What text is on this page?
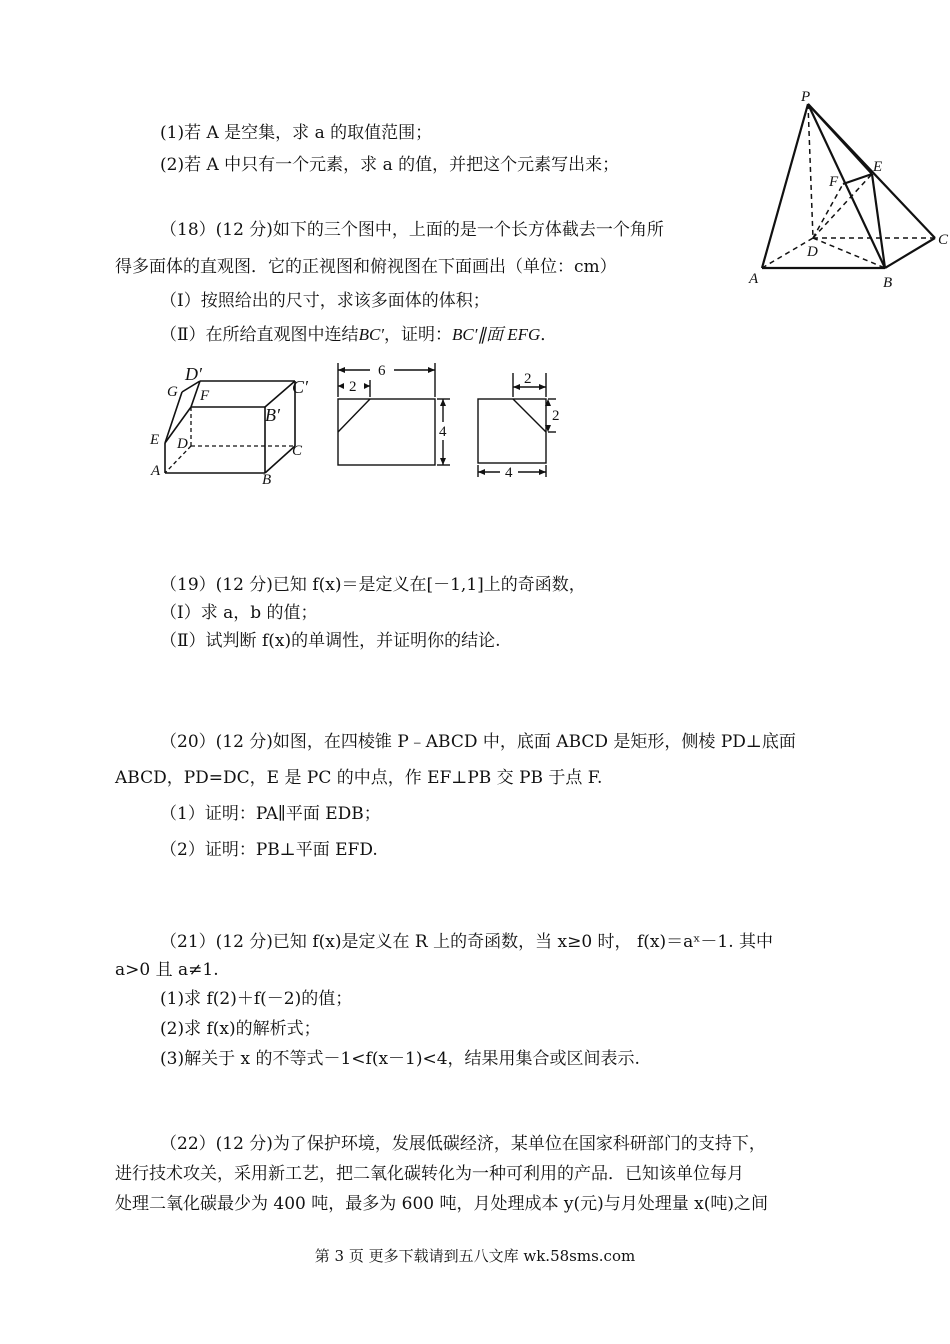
(1)若 A 是空集，求 a 的取值范围；
(2)若 A 中只有一个元素，求 a 的值，并把这个元素写出来；
P
E
F
C
D
A	B
（18）(12 分)如下的三个图中，上面的是一个长方体截去一个角所
得多面体的直观图．它的正视图和俯视图在下面画出（单位：cm）
（Ⅰ）按照给出的尺寸，求该多面体的体积；
（Ⅱ）在所给直观图中连结BC′，证明：BC′∥面 EFG．
D′
G F	C′
B′
E D	C
A
B
6
2
4
2
2
4
（19）(12 分)已知 f(x)＝是定义在[－1,1]上的奇函数，
（Ⅰ）求 a，b 的值；
（Ⅱ）试判断 f(x)的单调性，并证明你的结论.
（20）(12 分)如图，在四棱锥 P﹣ABCD 中，底面 ABCD 是矩形，侧棱 PD⊥底面
ABCD，PD=DC，E 是 PC 的中点，作 EF⊥PB 交 PB 于点 F.
（1）证明：PA∥平面 EDB；
（2）证明：PB⊥平面 EFD.
（21）(12 分)已知 f(x)是定义在 R 上的奇函数，当 x≥0 时， f(x)＝aˣ－1. 其中
a>0 且 a≠1.
(1)求 f(2)＋f(－2)的值；
(2)求 f(x)的解析式；
(3)解关于 x 的不等式－1<f(x－1)<4，结果用集合或区间表示.
（22）(12 分)为了保护环境，发展低碳经济，某单位在国家科研部门的支持下，
进行技术攻关，采用新工艺，把二氧化碳转化为一种可利用的产品．已知该单位每月
处理二氧化碳最少为 400 吨，最多为 600 吨，月处理成本 y(元)与月处理量 x(吨)之间
第 3 页 更多下载请到五八文库 wk.58sms.com
